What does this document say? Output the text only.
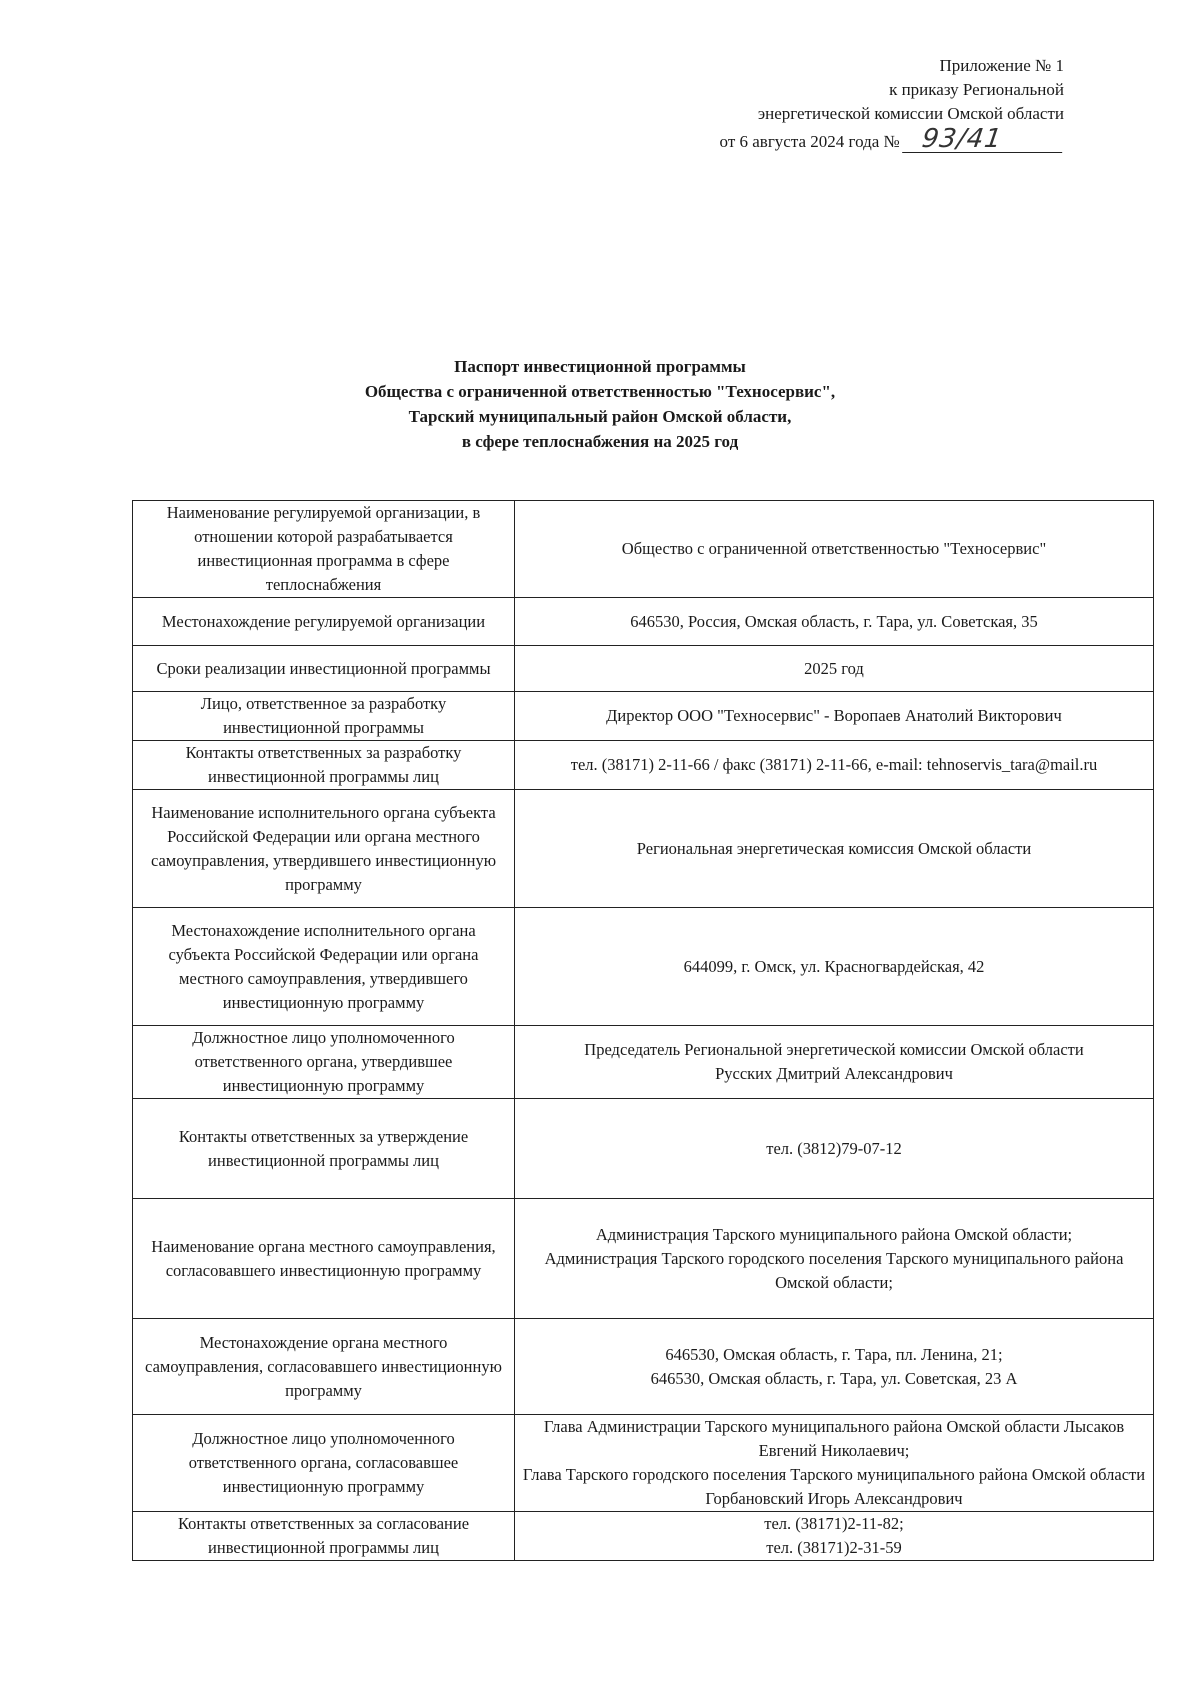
Приложение № 1
к приказу Региональной
энергетической комиссии Омской области
от 6 августа 2024 года № 93/41
Паспорт инвестиционной программы
Общества с ограниченной ответственностью "Техносервис",
Тарский муниципальный район Омской области,
в сфере теплоснабжения на 2025 год
Наименование регулируемой организации, в отношении которой разрабатывается инвестиционная программа в сфере теплоснабжения	Общество с ограниченной ответственностью "Техносервис"

Местонахождение регулируемой организации	646530, Россия, Омская область, г. Тара, ул. Советская, 35

Сроки реализации инвестиционной программы	2025 год

Лицо, ответственное за разработку инвестиционной программы	Директор ООО "Техносервис" - Воропаев Анатолий Викторович

Контакты ответственных за разработку инвестиционной программы лиц	тел. (38171) 2-11-66 / факс (38171) 2-11-66, e-mail: tehnoservis_tara@mail.ru

Наименование исполнительного органа субъекта Российской Федерации или органа местного самоуправления, утвердившего инвестиционную программу	Региональная энергетическая комиссия Омской области

Местонахождение исполнительного органа субъекта Российской Федерации или органа местного самоуправления, утвердившего инвестиционную программу	644099, г. Омск, ул. Красногвардейская, 42

Должностное лицо уполномоченного ответственного органа, утвердившее инвестиционную программу	Председатель Региональной энергетической комиссии Омской области
Русских Дмитрий Александрович

Контакты ответственных за утверждение инвестиционной программы лиц	тел. (3812)79-07-12

Наименование органа местного самоуправления, согласовавшего инвестиционную программу	Администрация Тарского муниципального района Омской области;
Администрация Тарского городского поселения Тарского муниципального района Омской области;

Местонахождение органа местного самоуправления, согласовавшего инвестиционную программу	646530, Омская область, г. Тара, пл. Ленина, 21;
646530, Омская область, г. Тара, ул. Советская, 23 А

Должностное лицо уполномоченного ответственного органа, согласовавшее инвестиционную программу	Глава Администрации Тарского муниципального района Омской области Лысаков Евгений Николаевич;
Глава Тарского городского поселения Тарского муниципального района Омской области Горбановский Игорь Александрович

Контакты ответственных за согласование инвестиционной программы лиц	тел. (38171)2-11-82;
тел. (38171)2-31-59
